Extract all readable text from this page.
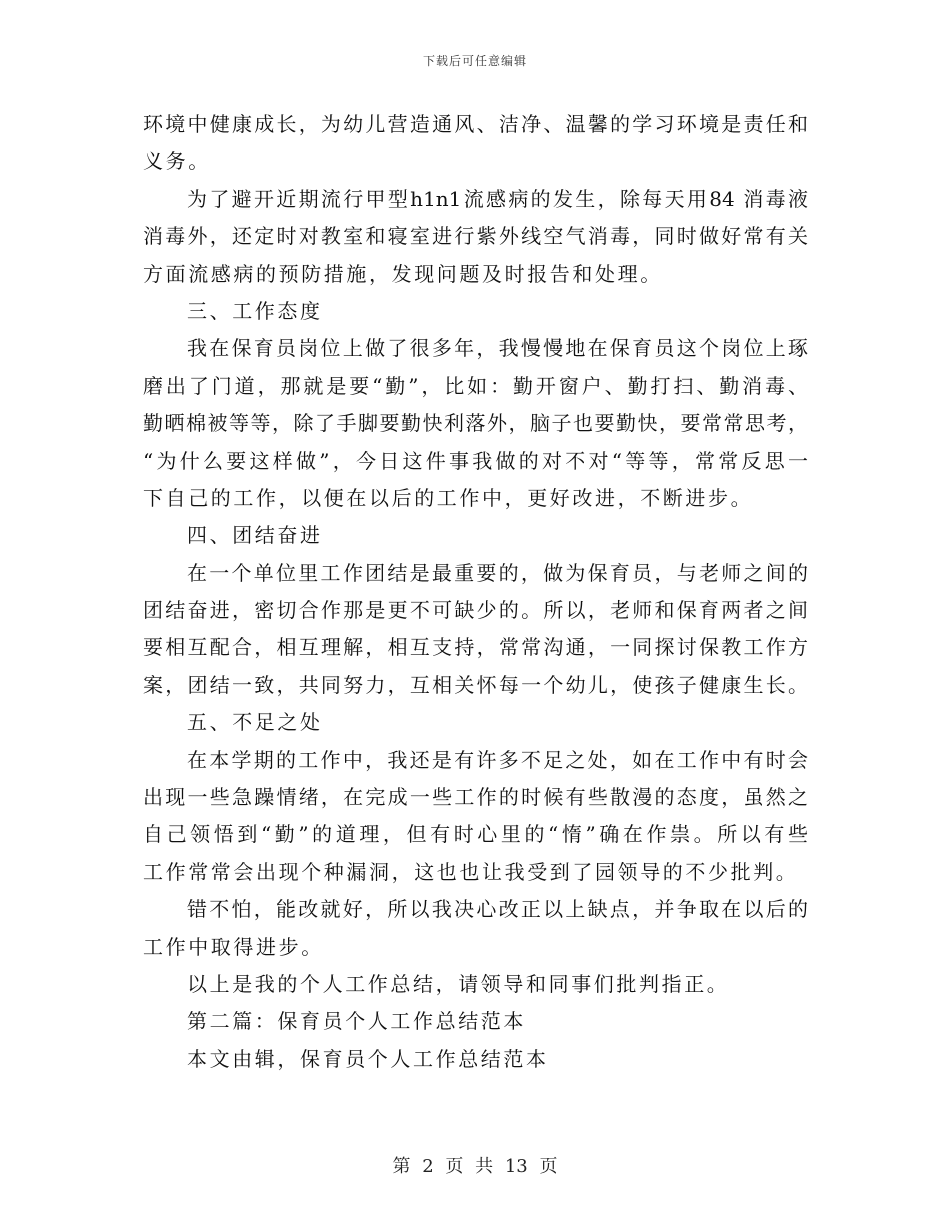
下载后可任意编辑
环境中健康成长，为幼儿营造通风、洁净、温馨的学习环境是责任和
义务。
为了避开近期流行甲型h1n1流感病的发生，除每天用84 消毒液
消毒外，还定时对教室和寝室进行紫外线空气消毒，同时做好常有关
方面流感病的预防措施，发现问题及时报告和处理。
三、工作态度
我在保育员岗位上做了很多年，我慢慢地在保育员这个岗位上琢
磨出了门道，那就是要“勤”，比如：勤开窗户、勤打扫、勤消毒、
勤晒棉被等等，除了手脚要勤快利落外，脑子也要勤快，要常常思考，
“为什么要这样做”，今日这件事我做的对不对“等等，常常反思一
下自己的工作，以便在以后的工作中，更好改进，不断进步。
四、团结奋进
在一个单位里工作团结是最重要的，做为保育员，与老师之间的
团结奋进，密切合作那是更不可缺少的。所以，老师和保育两者之间
要相互配合，相互理解，相互支持，常常沟通，一同探讨保教工作方
案，团结一致，共同努力，互相关怀每一个幼儿，使孩子健康生长。
五、不足之处
在本学期的工作中，我还是有许多不足之处，如在工作中有时会
出现一些急躁情绪，在完成一些工作的时候有些散漫的态度，虽然之
自己领悟到“勤”的道理，但有时心里的“惰”确在作祟。所以有些
工作常常会出现个种漏洞，这也也让我受到了园领导的不少批判。
错不怕，能改就好，所以我决心改正以上缺点，并争取在以后的
工作中取得进步。
以上是我的个人工作总结，请领导和同事们批判指正。
第二篇：保育员个人工作总结范本
本文由辑，保育员个人工作总结范本
第 2 页 共 13 页
